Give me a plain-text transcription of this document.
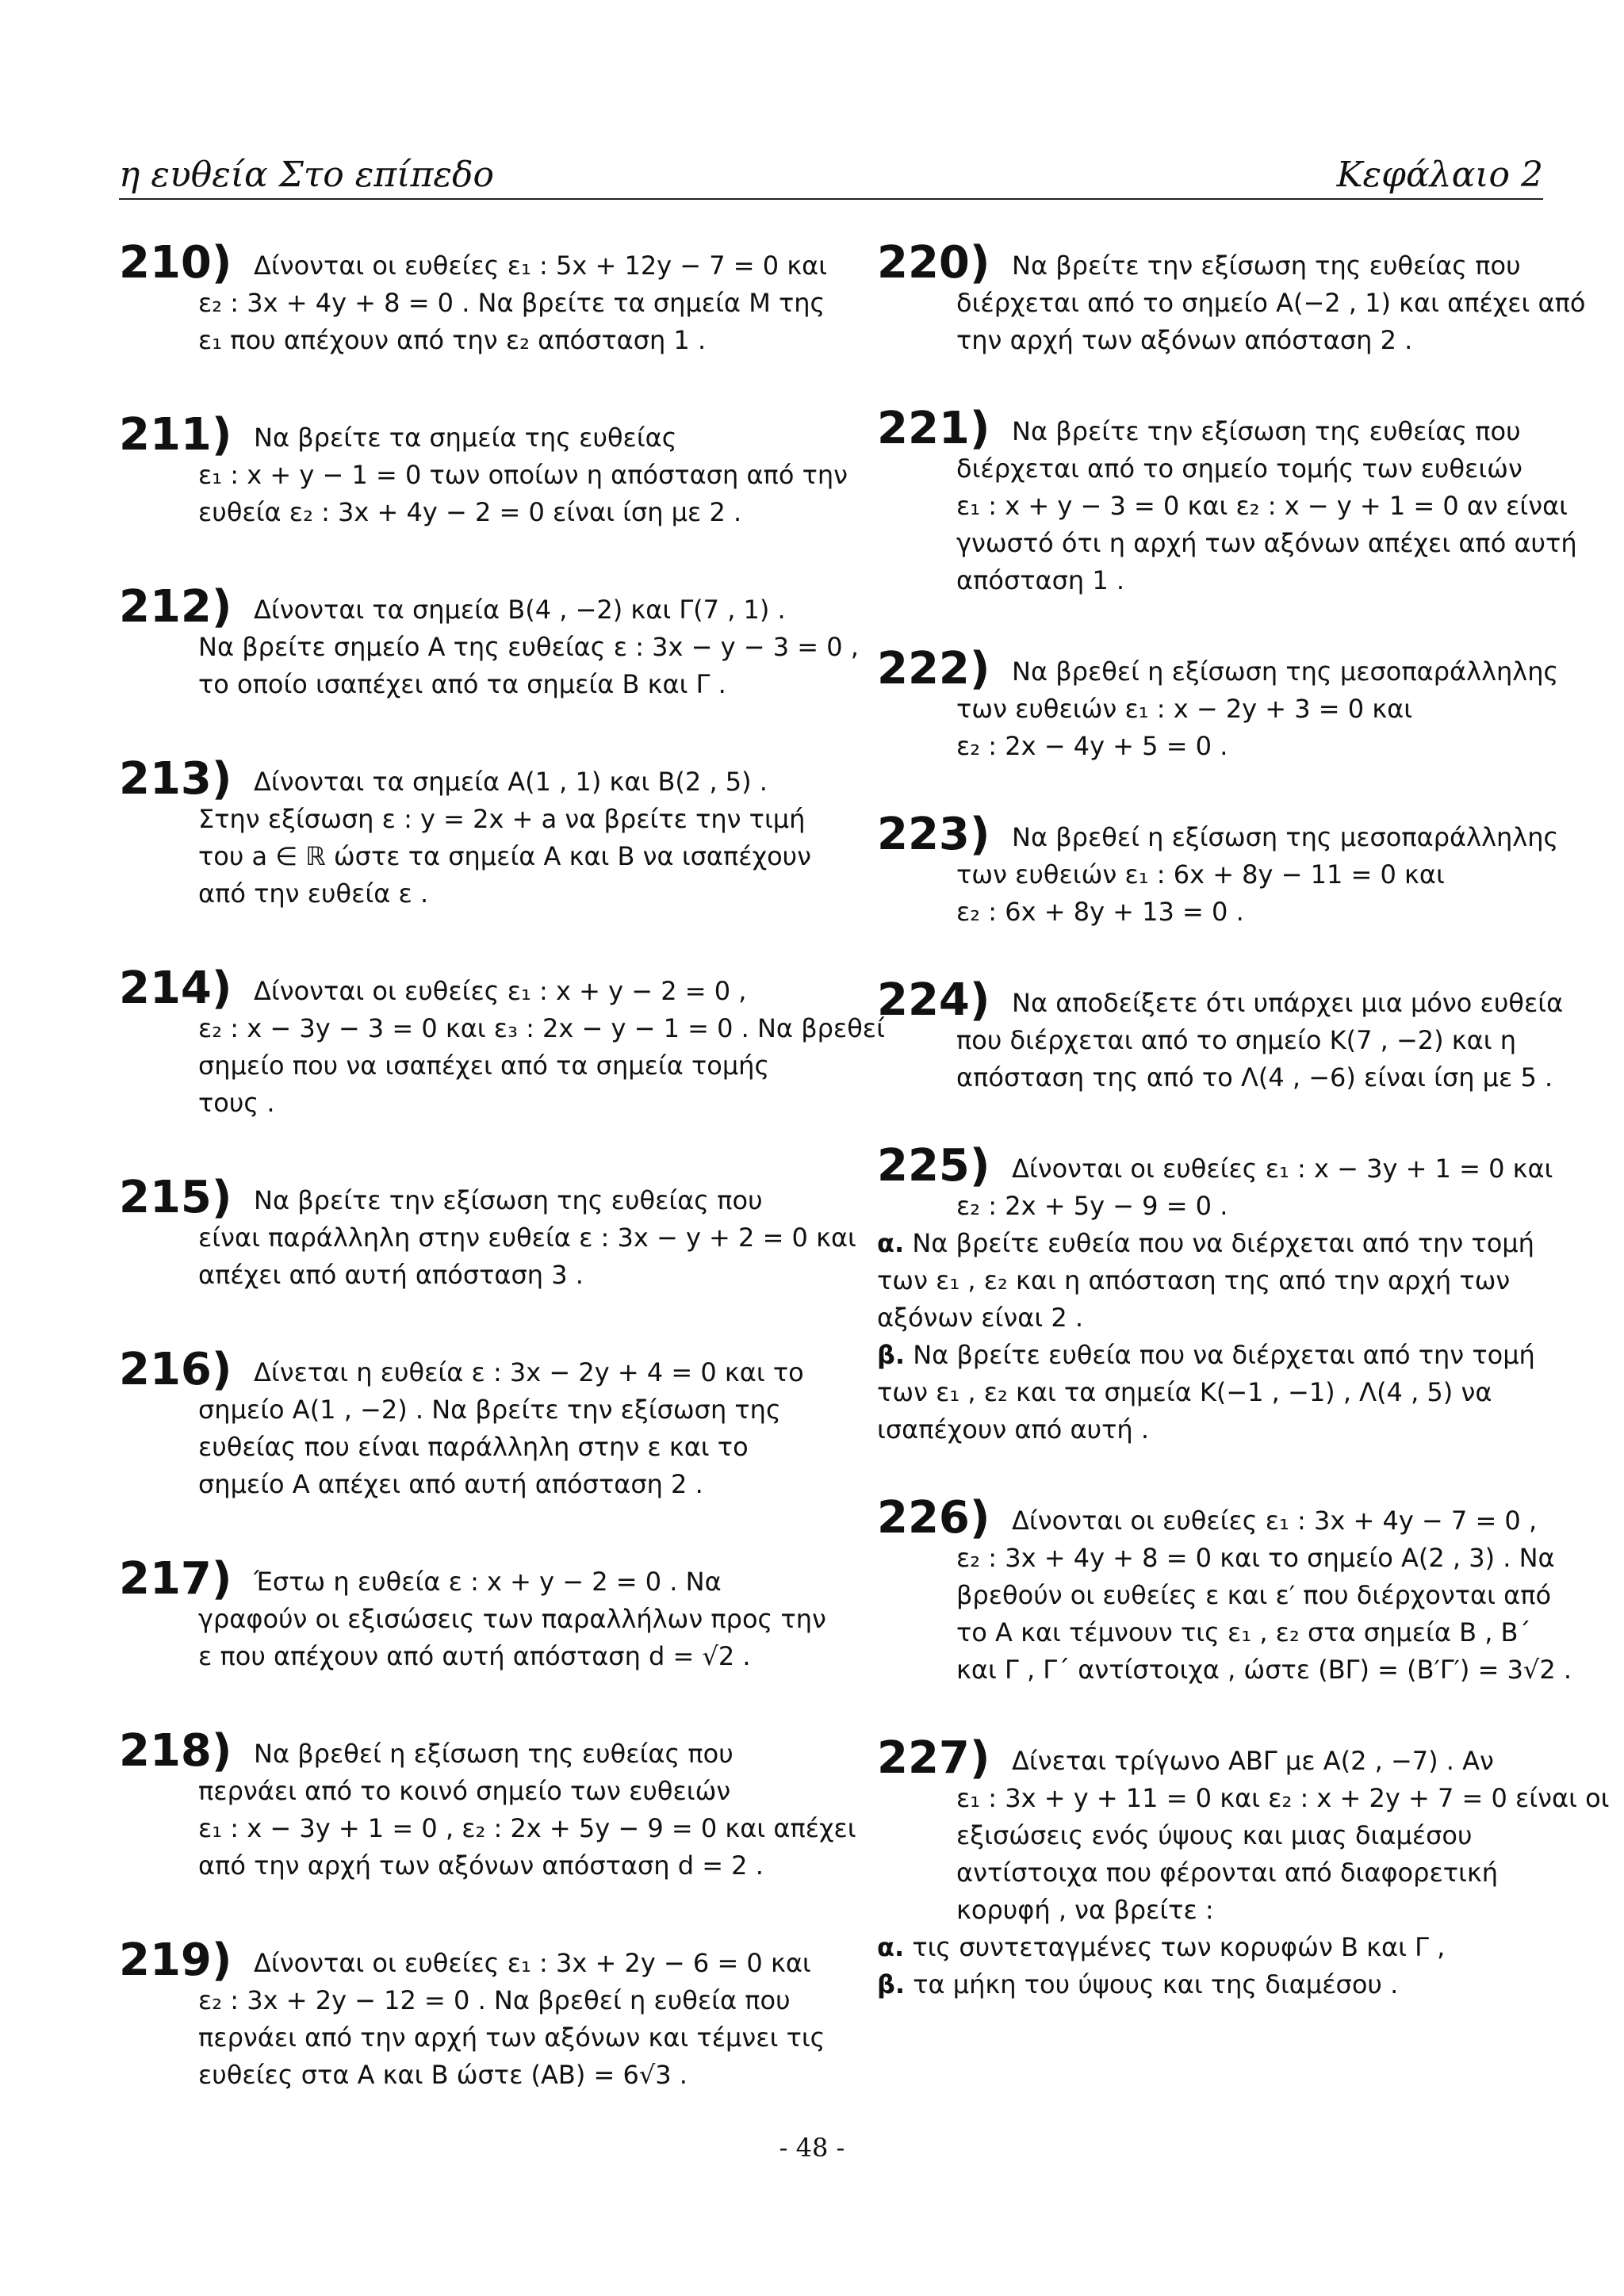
η ευθεία Στο επίπεδο	Κεφάλαιο 2
210) Δίνονται οι ευθείες ε₁ : 5x + 12y − 7 = 0 και
ε₂ : 3x + 4y + 8 = 0 . Να βρείτε τα σημεία Μ της
ε₁ που απέχουν από την ε₂ απόσταση 1 .
211) Να βρείτε τα σημεία της ευθείας
ε₁ : x + y − 1 = 0 των οποίων η απόσταση από την
ευθεία ε₂ : 3x + 4y − 2 = 0 είναι ίση με 2 .
212) Δίνονται τα σημεία Β(4 , −2) και Γ(7 , 1) .
Να βρείτε σημείο Α της ευθείας ε : 3x − y − 3 = 0 ,
το οποίο ισαπέχει από τα σημεία Β και Γ .
213) Δίνονται τα σημεία Α(1 , 1) και Β(2 , 5) .
Στην εξίσωση ε : y = 2x + a να βρείτε την τιμή
του a ∈ ℝ ώστε τα σημεία Α και Β να ισαπέχουν
από την ευθεία ε .
214) Δίνονται οι ευθείες ε₁ : x + y − 2 = 0 ,
ε₂ : x − 3y − 3 = 0 και ε₃ : 2x − y − 1 = 0 . Να βρεθεί
σημείο που να ισαπέχει από τα σημεία τομής
τους .
215) Να βρείτε την εξίσωση της ευθείας που
είναι παράλληλη στην ευθεία ε : 3x − y + 2 = 0 και
απέχει από αυτή απόσταση 3 .
216) Δίνεται η ευθεία ε : 3x − 2y + 4 = 0 και το
σημείο Α(1 , −2) . Να βρείτε την εξίσωση της
ευθείας που είναι παράλληλη στην ε και το
σημείο Α απέχει από αυτή απόσταση 2 .
217) Έστω η ευθεία ε : x + y − 2 = 0 . Να
γραφούν οι εξισώσεις των παραλλήλων προς την
ε που απέχουν από αυτή απόσταση d = √2 .
218) Να βρεθεί η εξίσωση της ευθείας που
περνάει από το κοινό σημείο των ευθειών
ε₁ : x − 3y + 1 = 0 , ε₂ : 2x + 5y − 9 = 0 και απέχει
από την αρχή των αξόνων απόσταση d = 2 .
219) Δίνονται οι ευθείες ε₁ : 3x + 2y − 6 = 0 και
ε₂ : 3x + 2y − 12 = 0 . Να βρεθεί η ευθεία που
περνάει από την αρχή των αξόνων και τέμνει τις
ευθείες στα Α και Β ώστε (ΑΒ) = 6√3 .
220) Να βρείτε την εξίσωση της ευθείας που
διέρχεται από το σημείο Α(−2 , 1) και απέχει από
την αρχή των αξόνων απόσταση 2 .
221) Να βρείτε την εξίσωση της ευθείας που
διέρχεται από το σημείο τομής των ευθειών
ε₁ : x + y − 3 = 0 και ε₂ : x − y + 1 = 0 αν είναι
γνωστό ότι η αρχή των αξόνων απέχει από αυτή
απόσταση 1 .
222) Να βρεθεί η εξίσωση της μεσοπαράλληλης
των ευθειών ε₁ : x − 2y + 3 = 0 και
ε₂ : 2x − 4y + 5 = 0 .
223) Να βρεθεί η εξίσωση της μεσοπαράλληλης
των ευθειών ε₁ : 6x + 8y − 11 = 0 και
ε₂ : 6x + 8y + 13 = 0 .
224) Να αποδείξετε ότι υπάρχει μια μόνο ευθεία
που διέρχεται από το σημείο Κ(7 , −2) και η
απόσταση της από το Λ(4 , −6) είναι ίση με 5 .
225) Δίνονται οι ευθείες ε₁ : x − 3y + 1 = 0 και
ε₂ : 2x + 5y − 9 = 0 .
α. Να βρείτε ευθεία που να διέρχεται από την τομή
των ε₁ , ε₂ και η απόσταση της από την αρχή των
αξόνων είναι 2 .
β. Να βρείτε ευθεία που να διέρχεται από την τομή
των ε₁ , ε₂ και τα σημεία Κ(−1 , −1) , Λ(4 , 5) να
ισαπέχουν από αυτή .
226) Δίνονται οι ευθείες ε₁ : 3x + 4y − 7 = 0 ,
ε₂ : 3x + 4y + 8 = 0 και το σημείο Α(2 , 3) . Να
βρεθούν οι ευθείες ε και ε′ που διέρχονται από
το Α και τέμνουν τις ε₁ , ε₂ στα σημεία Β , Β΄
και Γ , Γ΄ αντίστοιχα , ώστε (ΒΓ) = (Β′Γ′) = 3√2 .
227) Δίνεται τρίγωνο ΑΒΓ με Α(2 , −7) . Αν
ε₁ : 3x + y + 11 = 0 και ε₂ : x + 2y + 7 = 0 είναι οι
εξισώσεις ενός ύψους και μιας διαμέσου
αντίστοιχα που φέρονται από διαφορετική
κορυφή , να βρείτε :
α. τις συντεταγμένες των κορυφών Β και Γ ,
β. τα μήκη του ύψους και της διαμέσου .
- 48 -
